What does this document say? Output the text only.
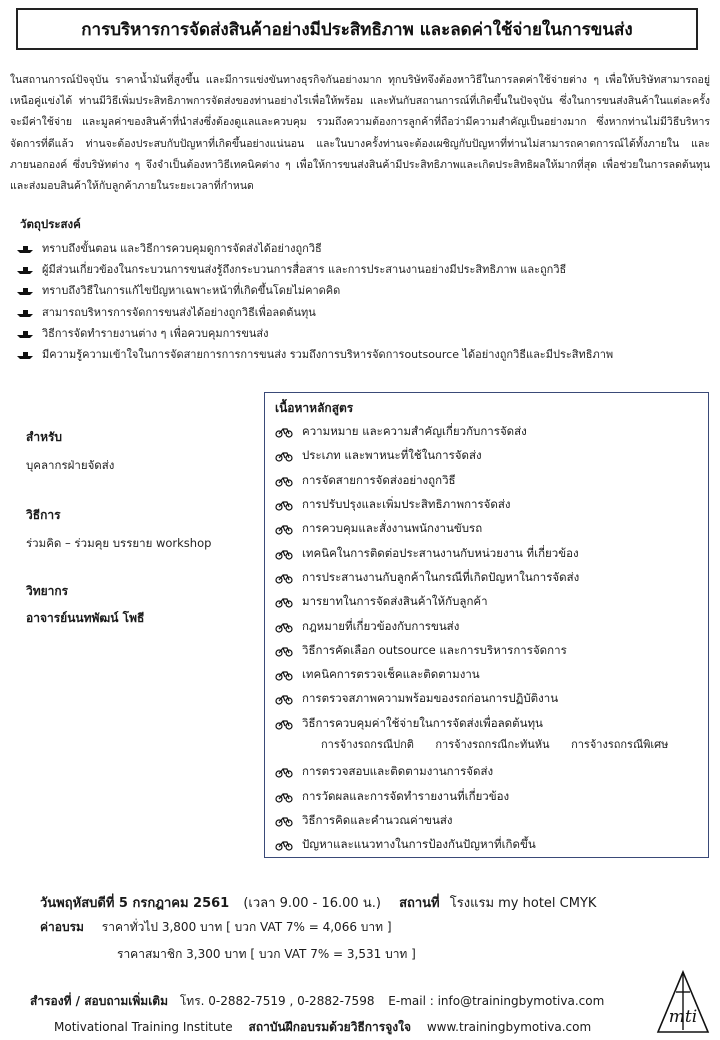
การบริหารการจัดส่งสินค้าอย่างมีประสิทธิภาพ และลดค่าใช้จ่ายในการขนส่ง

ในสถานการณ์ปัจจุบัน ราคาน้ำมันที่สูงขึ้น และมีการแข่งขันทางธุรกิจกันอย่างมาก ทุกบริษัทจึงต้องหาวิธีในการลดค่าใช้จ่ายต่าง ๆ เพื่อให้บริษัทสามารถอยู่เหนือคู่แข่งได้ ท่านมีวิธีเพิ่มประสิทธิภาพการจัดส่งของท่านอย่างไรเพื่อให้พร้อม และทันกับสถานการณ์ที่เกิดขึ้นในปัจจุบัน ซึ่งในการขนส่งสินค้าในแต่ละครั้งจะมีค่าใช้จ่าย และมูลค่าของสินค้าที่นำส่งซึ่งต้องดูแลและควบคุม รวมถึงความต้องการลูกค้าที่ถือว่ามีความสำคัญเป็นอย่างมาก ซึ่งหากท่านไม่มีวิธีบริหารจัดการที่ดีแล้ว ท่านจะต้องประสบกับปัญหาที่เกิดขึ้นอย่างแน่นอน และในบางครั้งท่านจะต้องเผชิญกับปัญหาที่ท่านไม่สามารถคาดการณ์ได้ทั้งภายใน และภายนอกองค์ ซึ่งบริษัทต่าง ๆ จึงจำเป็นต้องหาวิธีเทคนิคต่าง ๆ เพื่อให้การขนส่งสินค้ามีประสิทธิภาพและเกิดประสิทธิผลให้มากที่สุด เพื่อช่วยในการลดต้นทุน และส่งมอบสินค้าให้กับลูกค้าภายในระยะเวลาที่กำหนด

วัตถุประสงค์

ทราบถึงขั้นตอน และวิธีการควบคุมดูการจัดส่งได้อย่างถูกวิธี
ผู้มีส่วนเกี่ยวข้องในกระบวนการขนส่งรู้ถึงกระบวนการสื่อสาร และการประสานงานอย่างมีประสิทธิภาพ และถูกวิธี
ทราบถึงวิธีในการแก้ไขปัญหาเฉพาะหน้าที่เกิดขึ้นโดยไม่คาดคิด
สามารถบริหารการจัดการขนส่งได้อย่างถูกวิธีเพื่อลดต้นทุน
วิธีการจัดทำรายงานต่าง ๆ เพื่อควบคุมการขนส่ง
มีความรู้ความเข้าใจในการจัดสายการการการขนส่ง รวมถึงการบริหารจัดการoutsource ได้อย่างถูกวิธีและมีประสิทธิภาพ

สำหรับ

บุคลากรฝ่ายจัดส่ง

วิธีการ

ร่วมคิด – ร่วมคุย บรรยาย workshop

วิทยากร

อาจารย์นนทพัฒน์ โพธี

เนื้อหาหลักสูตร

ความหมาย และความสำคัญเกี่ยวกับการจัดส่ง
ประเภท และพาหนะที่ใช้ในการจัดส่ง
การจัดสายการจัดส่งอย่างถูกวิธี
การปรับปรุงและเพิ่มประสิทธิภาพการจัดส่ง
การควบคุมและสั่งงานพนักงานขับรถ
เทคนิคในการติดต่อประสานงานกับหน่วยงาน ที่เกี่ยวข้อง
การประสานงานกับลูกค้าในกรณีที่เกิดปัญหาในการจัดส่ง
มารยาทในการจัดส่งสินค้าให้กับลูกค้า
กฎหมายที่เกี่ยวข้องกับการขนส่ง
วิธีการคัดเลือก outsource และการบริหารการจัดการ
เทคนิคการตรวจเช็คและติดตามงาน
การตรวจสภาพความพร้อมของรถก่อนการปฏิบัติงาน
วิธีการควบคุมค่าใช้จ่ายในการจัดส่งเพื่อลดต้นทุน
การตรวจสอบและติดตามงานการจัดส่ง
การวัดผลและการจัดทำรายงานที่เกี่ยวข้อง
วิธีการคิดและคำนวณค่าขนส่ง
ปัญหาและแนวทางในการป้องกันปัญหาที่เกิดขึ้น
การจ้างรถกรณีปกติ การจ้างรถกรณีกะทันหัน การจ้างรถกรณีพิเศษ
วันพฤหัสบดีที่ 5 กรกฎาคม 2561 (เวลา 9.00 - 16.00 น.) สถานที่ โรงแรม my hotel CMYK
ค่าอบรม ราคาทั่วไป 3,800 บาท [ บวก VAT 7% = 4,066 บาท ]
ราคาสมาชิก 3,300 บาท [ บวก VAT 7% = 3,531 บาท ]
สำรองที่ / สอบถามเพิ่มเติม โทร. 0-2882-7519 , 0-2882-7598 E-mail : info@trainingbymotiva.com
Motivational Training Institute สถาบันฝึกอบรมด้วยวิธีการจูงใจ www.trainingbymotiva.com	mti
